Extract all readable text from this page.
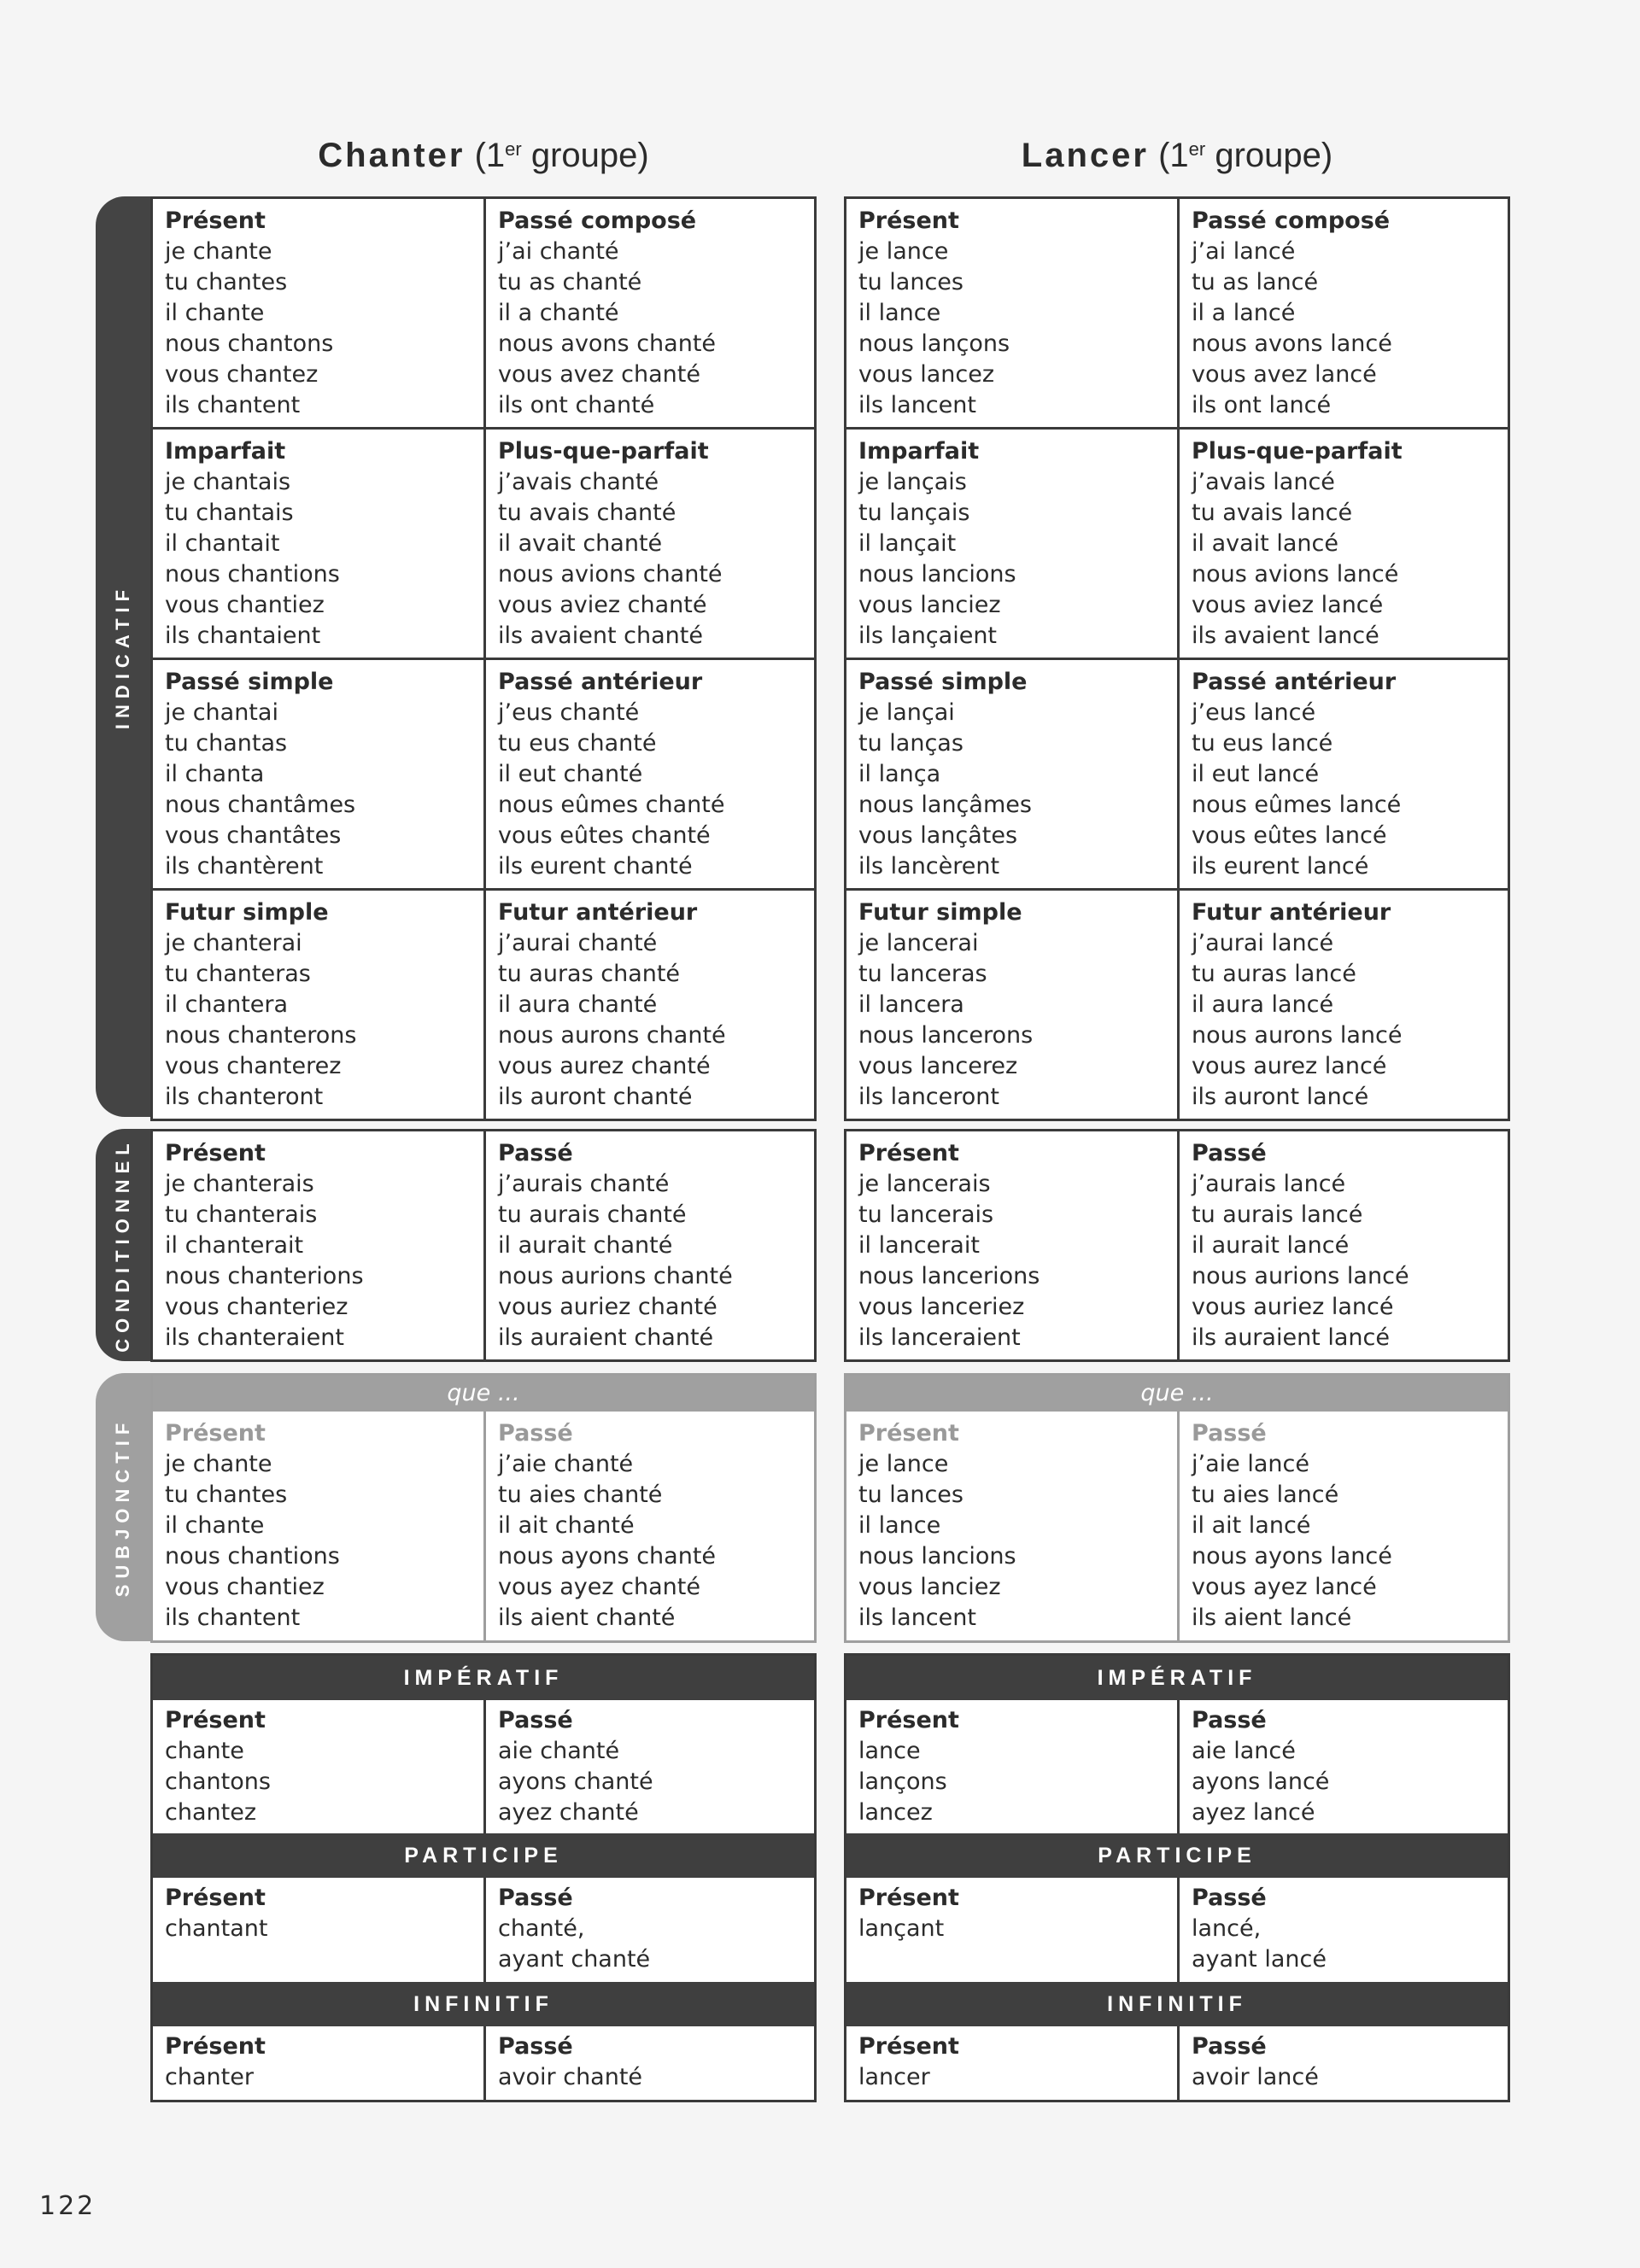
INDICATIF
CONDITIONNEL
SUBJONCTIF
Chanter (1er groupe)
Présent
je chante
tu chantes
il chante
nous chantons
vous chantez
ils chantent
Passé composé
j’ai chanté
tu as chanté
il a chanté
nous avons chanté
vous avez chanté
ils ont chanté
Imparfait
je chantais
tu chantais
il chantait
nous chantions
vous chantiez
ils chantaient
Plus-que-parfait
j’avais chanté
tu avais chanté
il avait chanté
nous avions chanté
vous aviez chanté
ils avaient chanté
Passé simple
je chantai
tu chantas
il chanta
nous chantâmes
vous chantâtes
ils chantèrent
Passé antérieur
j’eus chanté
tu eus chanté
il eut chanté
nous eûmes chanté
vous eûtes chanté
ils eurent chanté
Futur simple
je chanterai
tu chanteras
il chantera
nous chanterons
vous chanterez
ils chanteront
Futur antérieur
j’aurai chanté
tu auras chanté
il aura chanté
nous aurons chanté
vous aurez chanté
ils auront chanté
Présent
je chanterais
tu chanterais
il chanterait
nous chanterions
vous chanteriez
ils chanteraient
Passé
j’aurais chanté
tu aurais chanté
il aurait chanté
nous aurions chanté
vous auriez chanté
ils auraient chanté
que ...
Présent
je chante
tu chantes
il chante
nous chantions
vous chantiez
ils chantent
Passé
j’aie chanté
tu aies chanté
il ait chanté
nous ayons chanté
vous ayez chanté
ils aient chanté
IMPÉRATIF
Présent
chante
chantons
chantez
Passé
aie chanté
ayons chanté
ayez chanté
PARTICIPE
Présent
chantant
Passé
chanté,
ayant chanté
INFINITIF
Présent
chanter
Passé
avoir chanté
Lancer (1er groupe)
Présent
je lance
tu lances
il lance
nous lançons
vous lancez
ils lancent
Passé composé
j’ai lancé
tu as lancé
il a lancé
nous avons lancé
vous avez lancé
ils ont lancé
Imparfait
je lançais
tu lançais
il lançait
nous lancions
vous lanciez
ils lançaient
Plus-que-parfait
j’avais lancé
tu avais lancé
il avait lancé
nous avions lancé
vous aviez lancé
ils avaient lancé
Passé simple
je lançai
tu lanças
il lança
nous lançâmes
vous lançâtes
ils lancèrent
Passé antérieur
j’eus lancé
tu eus lancé
il eut lancé
nous eûmes lancé
vous eûtes lancé
ils eurent lancé
Futur simple
je lancerai
tu lanceras
il lancera
nous lancerons
vous lancerez
ils lanceront
Futur antérieur
j’aurai lancé
tu auras lancé
il aura lancé
nous aurons lancé
vous aurez lancé
ils auront lancé
Présent
je lancerais
tu lancerais
il lancerait
nous lancerions
vous lanceriez
ils lanceraient
Passé
j’aurais lancé
tu aurais lancé
il aurait lancé
nous aurions lancé
vous auriez lancé
ils auraient lancé
que ...
Présent
je lance
tu lances
il lance
nous lancions
vous lanciez
ils lancent
Passé
j’aie lancé
tu aies lancé
il ait lancé
nous ayons lancé
vous ayez lancé
ils aient lancé
IMPÉRATIF
Présent
lance
lançons
lancez
Passé
aie lancé
ayons lancé
ayez lancé
PARTICIPE
Présent
lançant
Passé
lancé,
ayant lancé
INFINITIF
Présent
lancer
Passé
avoir lancé
122
